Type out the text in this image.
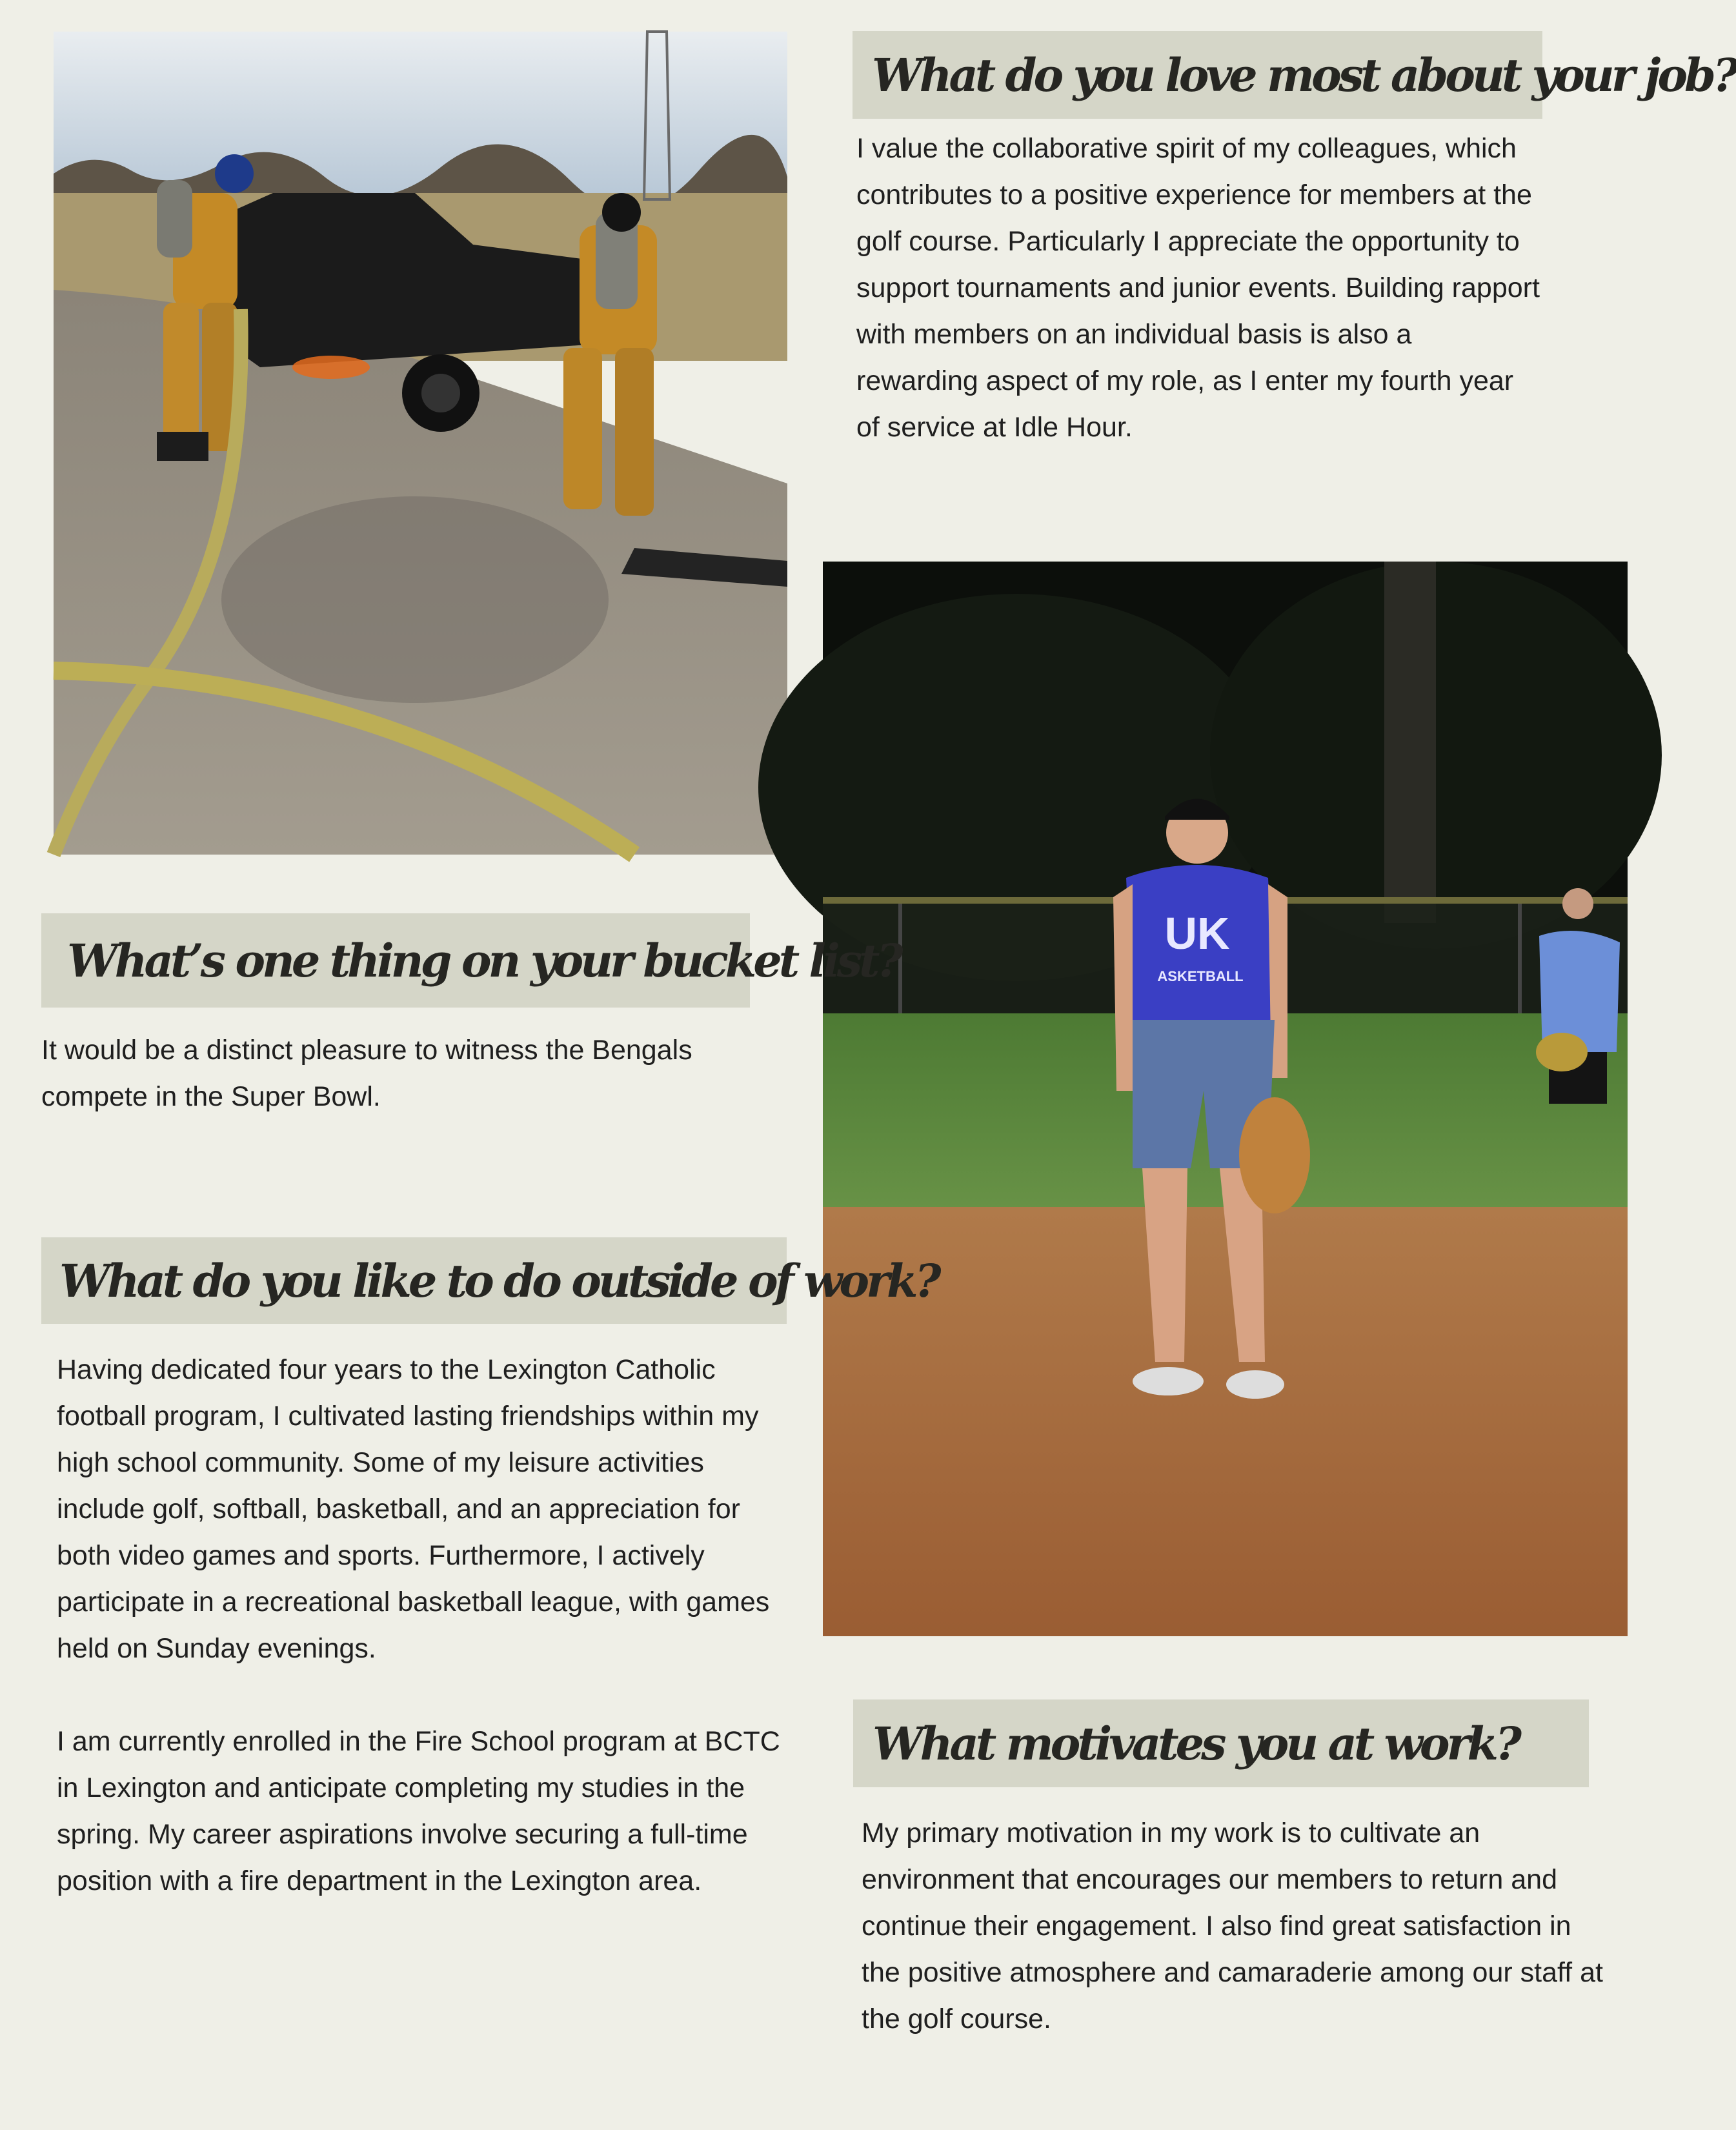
What do you love most about your job?

I value the collaborative spirit of my colleagues, which contributes to a positive experience for members at the golf course. Particularly I appreciate the opportunity to support tournaments and junior events. Building rapport with members on an individual basis is also a rewarding aspect of my role, as I enter my fourth year of service at Idle Hour.

UK
ASKETBALL
What’s one thing on your bucket list?

It would be a distinct pleasure to witness the Bengals compete in the Super Bowl.

What do you like to do outside of work?

Having dedicated four years to the Lexington Catholic football program, I cultivated lasting friendships within my high school community. Some of my leisure activities include golf, softball, basketball, and an appreciation for both video games and sports. Furthermore, I actively participate in a recreational basketball league, with games held on Sunday evenings.

I am currently enrolled in the Fire School program at BCTC in Lexington and anticipate completing my studies in the spring. My career aspirations involve securing a full-time position with a fire department in the Lexington area.

What motivates you at work?

My primary motivation in my work is to cultivate an environment that encourages our members to return and continue their engagement. I also find great satisfaction in the positive atmosphere and camaraderie among our staff at the golf course.
